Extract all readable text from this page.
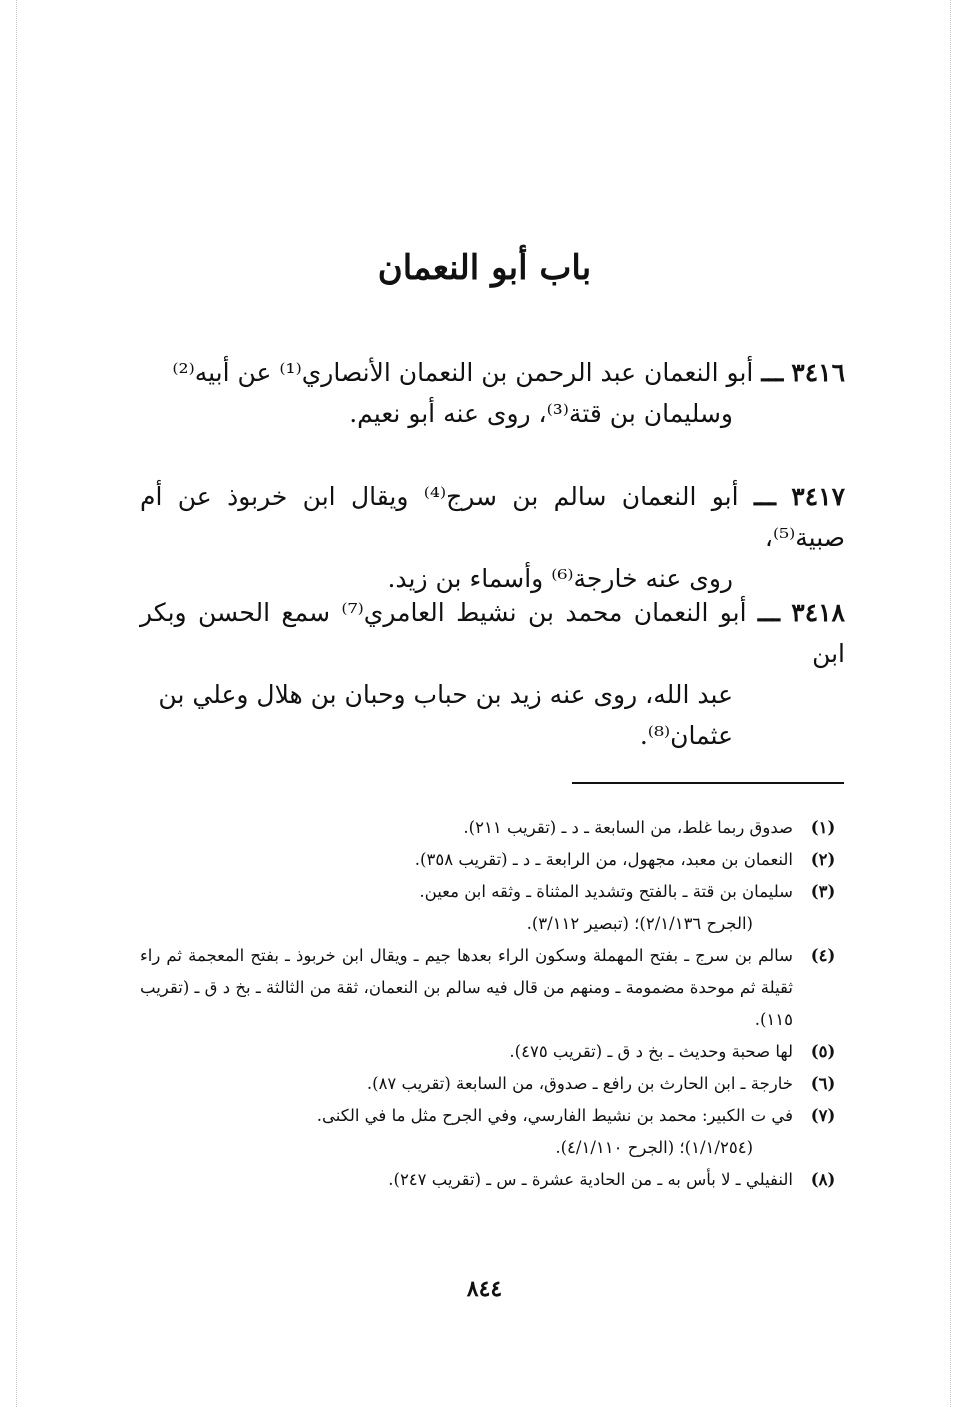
باب أبو النعمان
٣٤١٦ ـــ أبو النعمان عبد الرحمن بن النعمان الأنصاري⁽¹⁾ عن أبيه⁽²⁾
وسليمان بن قتة⁽³⁾، روى عنه أبو نعيم.
٣٤١٧ ـــ أبو النعمان سالم بن سرج⁽⁴⁾ ويقال ابن خربوذ عن أم صبية⁽⁵⁾،
روى عنه خارجة⁽⁶⁾ وأسماء بن زيد.
٣٤١٨ ـــ أبو النعمان محمد بن نشيط العامري⁽⁷⁾ سمع الحسن وبكر ابن
عبد الله، روى عنه زيد بن حباب وحبان بن هلال وعلي بن
عثمان⁽⁸⁾.
(١)
صدوق ربما غلط، من السابعة ـ د ـ (تقريب ٢١١).
(٢)
النعمان بن معبد، مجهول، من الرابعة ـ د ـ (تقريب ٣٥٨).
(٣)
سليمان بن قتة ـ بالفتح وتشديد المثناة ـ وثقه ابن معين.
(الجرح ٢/١/١٣٦)؛ (تبصير ٣/١١٢).
(٤)
سالم بن سرج ـ بفتح المهملة وسكون الراء بعدها جيم ـ ويقال ابن خربوذ ـ بفتح المعجمة ثم راء ثقيلة ثم موحدة مضمومة ـ ومنهم من قال فيه سالم بن النعمان، ثقة من الثالثة ـ بخ د ق ـ (تقريب ١١٥).
(٥)
لها صحبة وحديث ـ بخ د ق ـ (تقريب ٤٧٥).
(٦)
خارجة ـ ابن الحارث بن رافع ـ صدوق، من السابعة (تقريب ٨٧).
(٧)
في ت الكبير: محمد بن نشيط الفارسي، وفي الجرح مثل ما في الكنى.
(١/١/٢٥٤)؛ (الجرح ٤/١/١١٠).
(٨)
النفيلي ـ لا بأس به ـ من الحادية عشرة ـ س ـ (تقريب ٢٤٧).
٨٤٤
